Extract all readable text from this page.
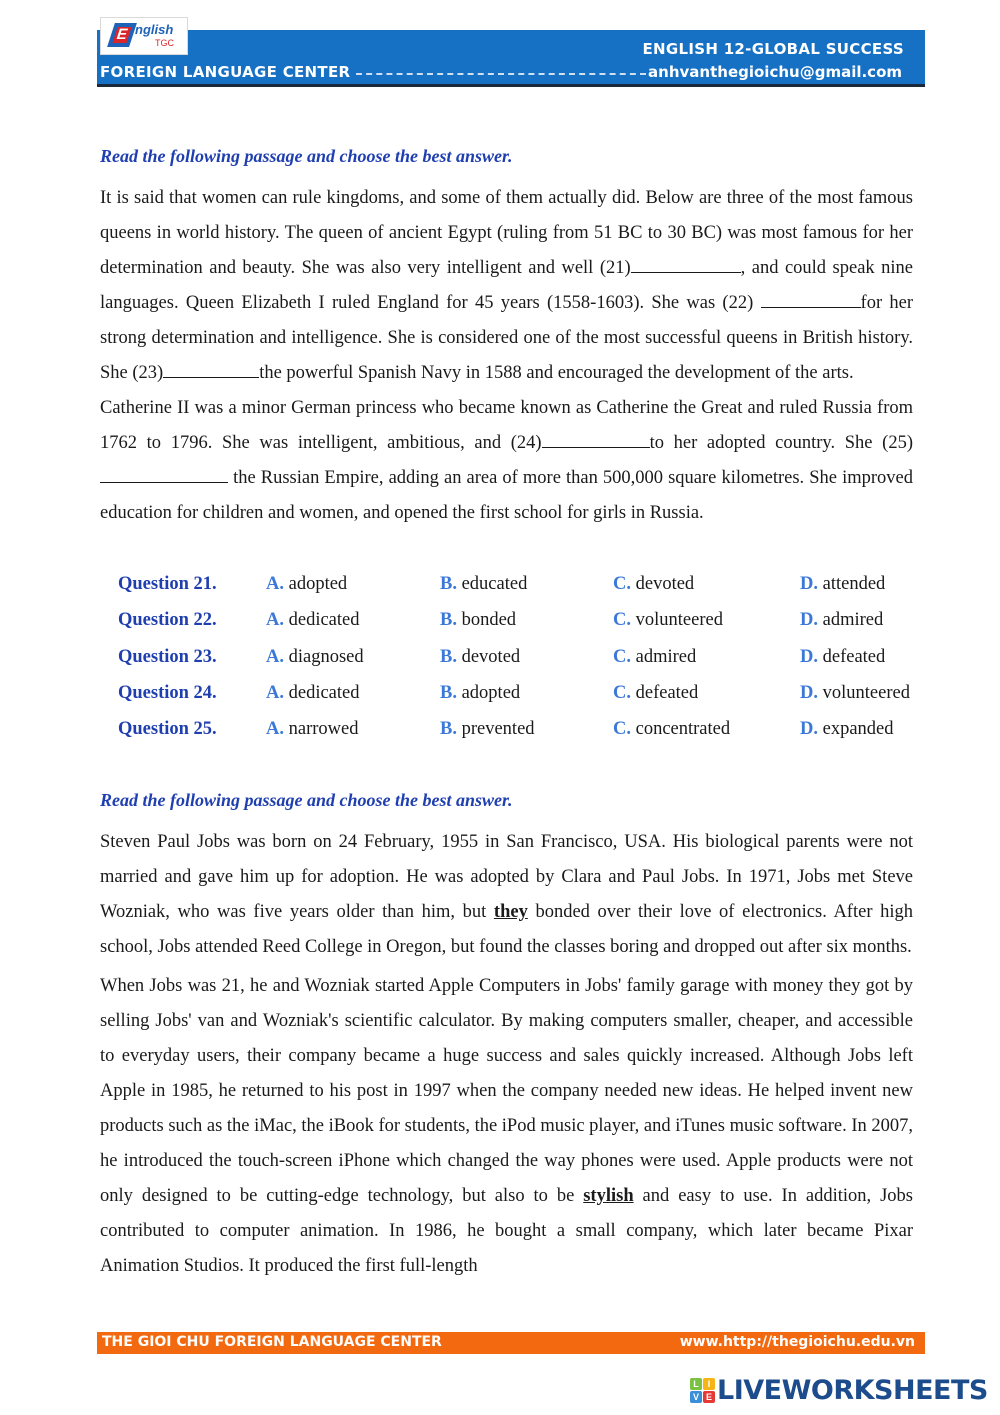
E nglish
TGC
FOREIGN LANGUAGE CENTER
ENGLISH 12-GLOBAL SUCCESS
anhvanthegioichu@gmail.com
Read the following passage and choose the best answer.

It is said that women can rule kingdoms, and some of them actually did. Below are three of the most famous queens in world history. The queen of ancient Egypt (ruling from 51 BC to 30 BC) was most famous for her determination and beauty. She was also very intelligent and well (21)	, and could speak nine languages. Queen Elizabeth I ruled England for 45 years (1558-1603). She was (22)	for her strong determination and intelligence. She is considered one of the most successful queens in British history. She (23)	the powerful Spanish Navy in 1588 and encouraged the development of the arts.

Catherine II was a minor German princess who became known as Catherine the Great and ruled Russia from 1762 to 1796. She was intelligent, ambitious, and (24)	to her adopted country. She (25) the Russian Empire, adding an area of more than 500,000 square kilometres. She improved education for children and women, and opened the first school for girls in Russia.

Question 21.	A. adopted	B. educated	C. devoted	D. attended
Question 22.	A. dedicated	B. bonded	C. volunteered	D. admired
Question 23.	A. diagnosed	B. devoted	C. admired	D. defeated
Question 24.	A. dedicated	B. adopted	C. defeated	D. volunteered
Question 25.	A. narrowed	B. prevented	C. concentrated	D. expanded
Read the following passage and choose the best answer.

Steven Paul Jobs was born on 24 February, 1955 in San Francisco, USA. His biological parents were not married and gave him up for adoption. He was adopted by Clara and Paul Jobs. In 1971, Jobs met Steve Wozniak, who was five years older than him, but they bonded over their love of electronics. After high school, Jobs attended Reed College in Oregon, but found the classes boring and dropped out after six months.

When Jobs was 21, he and Wozniak started Apple Computers in Jobs' family garage with money they got by selling Jobs' van and Wozniak's scientific calculator. By making computers smaller, cheaper, and accessible to everyday users, their company became a huge success and sales quickly increased. Although Jobs left Apple in 1985, he returned to his post in 1997 when the company needed new ideas. He helped invent new products such as the iMac, the iBook for students, the iPod music player, and iTunes music software. In 2007, he introduced the touch-screen iPhone which changed the way phones were used. Apple products were not only designed to be cutting-edge technology, but also to be stylish and easy to use. In addition, Jobs contributed to computer animation. In 1986, he bought a small company, which later became Pixar Animation Studios. It produced the first full-length

THE GIOI CHU FOREIGN LANGUAGE CENTER	www.http://thegioichu.edu.vn
L I
V E LIVEWORKSHEETS
